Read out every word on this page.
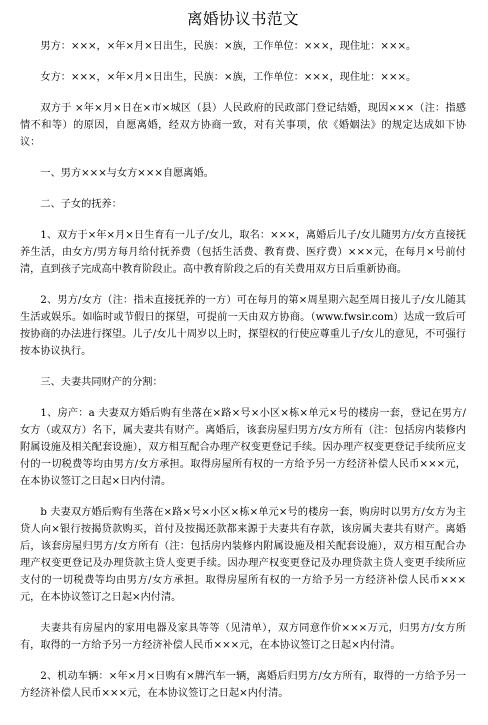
离婚协议书范文

男方：×××，×年×月×日出生，民族：×族，工作单位：×××，现住址：×××。

女方：×××，×年×月×日出生，民族：×族，工作单位：×××，现住址：×××。

双方于 ×年×月×日在×市×城区（县）人民政府的民政部门登记结婚，现因×××（注：指感情不和等）的原因，自愿离婚，经双方协商一致，对有关事项，依《婚姻法》的规定达成如下协议：

一、男方×××与女方×××自愿离婚。

二、子女的抚养：

1、双方于×年×月×日生育有一儿子/女儿，取名：×××，离婚后儿子/女儿随男方/女方直接抚养生活，由女方/男方每月给付抚养费（包括生活费、教育费、医疗费）×××元，在每月×号前付清，直到孩子完成高中教育阶段止。高中教育阶段之后的有关费用双方日后重新协商。

2、男方/女方（注：指未直接抚养的一方）可在每月的第×周星期六起至周日接儿子/女儿随其生活或娱乐。如临时或节假日的探望，可提前一天由双方协商。（www.fwsir.com）达成一致后可按协商的办法进行探望。儿子/女儿十周岁以上时，探望权的行使应尊重儿子/女儿的意见，不可强行按本协议执行。

三、夫妻共同财产的分割：

1、房产：a 夫妻双方婚后购有坐落在×路×号×小区×栋×单元×号的楼房一套，登记在男方/女方（或双方）名下，属夫妻共有财产。离婚后，该套房屋归男方/女方所有（注：包括房内装修内附属设施及相关配套设施），双方相互配合办理产权变更登记手续。因办理产权变更登记手续所应支付的一切税费等均由男方/女方承担。取得房屋所有权的一方给予另一方经济补偿人民币×××元，在本协议签订之日起×日内付清。

b 夫妻双方婚后购有坐落在×路×号×小区×栋×单元×号的楼房一套，购房时以男方/女方为主贷人向×银行按揭贷款购买，首付及按揭还款都来源于夫妻共有存款，该房属夫妻共有财产。离婚后，该套房屋归男方/女方所有（注：包括房内装修内附属设施及相关配套设施），双方相互配合办理产权变更登记及办理贷款主贷人变更手续。因办理产权变更登记及办理贷款主贷人变更手续所应支付的一切税费等均由男方/女方承担。取得房屋所有权的一方给予另一方经济补偿人民币×××元，在本协议签订之日起×内付清。

夫妻共有房屋内的家用电器及家具等等（见清单），双方同意作价×××万元，归男方/女方所有，取得的一方给予另一方经济补偿人民币×××元，在本协议签订之日起×内付清。

2、机动车辆：×年×月×日购有×牌汽车一辆，离婚后归男方/女方所有，取得的一方给予另一方经济补偿人民币×××元，在本协议签订之日起×内付清。
